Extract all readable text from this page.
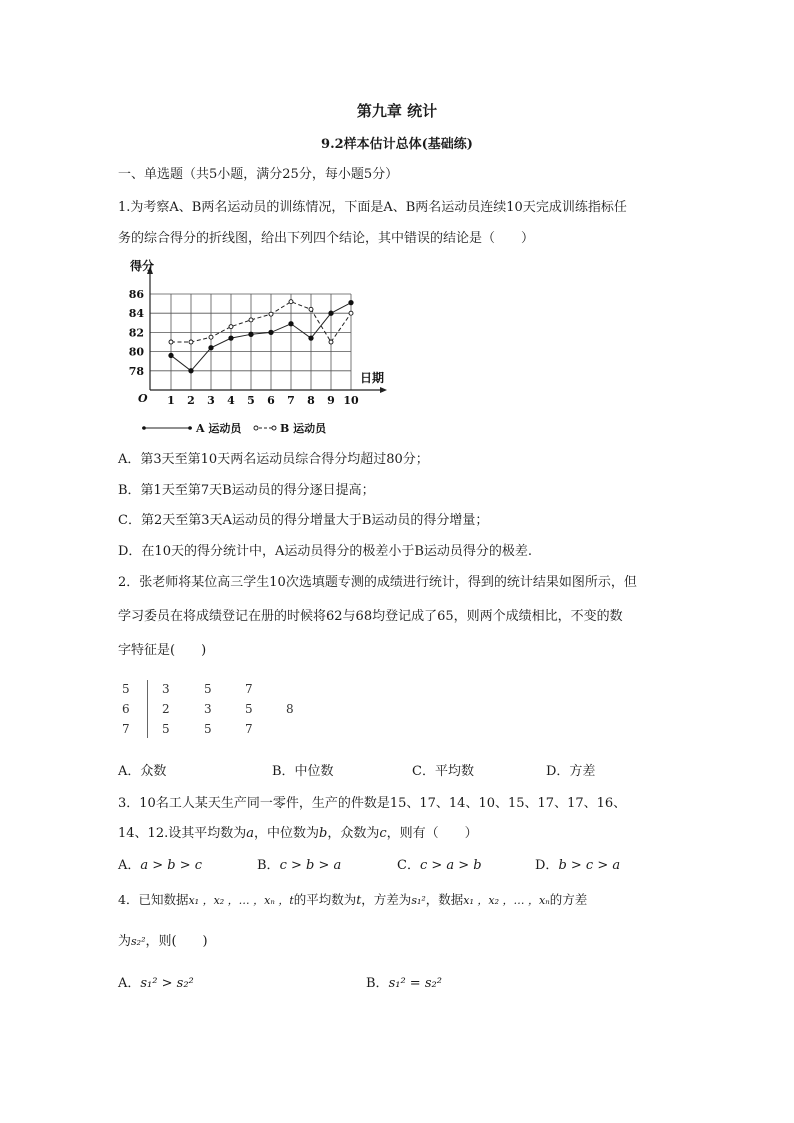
第九章 统计
9.2样本估计总体(基础练)
一、单选题（共5小题，满分25分，每小题5分）
1.为考察A、B两名运动员的训练情况，下面是A、B两名运动员连续10天完成训练指标任
务的综合得分的折线图，给出下列四个结论，其中错误的结论是（　　）
得分
日期
O
78
80
82
84
86
1 2 3 4 5 6 7 8 9 10
A 运动员	B 运动员
A．第3天至第10天两名运动员综合得分均超过80分；
B．第1天至第7天B运动员的得分逐日提高；
C．第2天至第3天A运动员的得分增量大于B运动员的得分增量；
D．在10天的得分统计中，A运动员得分的极差小于B运动员得分的极差.
2．张老师将某位高三学生10次选填题专测的成绩进行统计，得到的统计结果如图所示，但
学习委员在将成绩登记在册的时候将62与68均登记成了65，则两个成绩相比，不变的数
字特征是(　　)
5	3	5	7
6	2	3	5	8
7	5	5	7
A．众数	B．中位数	C．平均数	D．方差
3．10名工人某天生产同一零件，生产的件数是15、17、14、10、15、17、17、16、
14、12.设其平均数为a，中位数为b，众数为c，则有（　　）
A．a > b > c	B．c > b > a	C．c > a > b	D．b > c > a
4．已知数据x₁ ，x₂ ，… ，xₙ ，t的平均数为t，方差为s₁²，数据x₁ ，x₂ ，… ，xₙ的方差
为s₂²，则(　　)
A．s₁² > s₂²	B．s₁² = s₂²
